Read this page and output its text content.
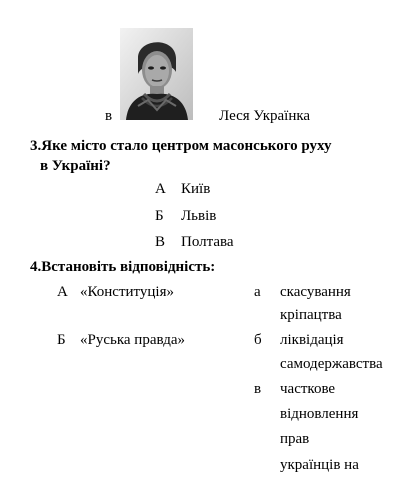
в	Леся Українка
3.Яке місто стало центром масонського руху
в Україні?
А Київ
Б Львів
В Полтава
4.Встановіть відповідність:
А «Конституція»
Б «Руська правда»
а скасування
кріпацтва
б ліквідація
самодержавства
в часткове
відновлення
прав
українців на
